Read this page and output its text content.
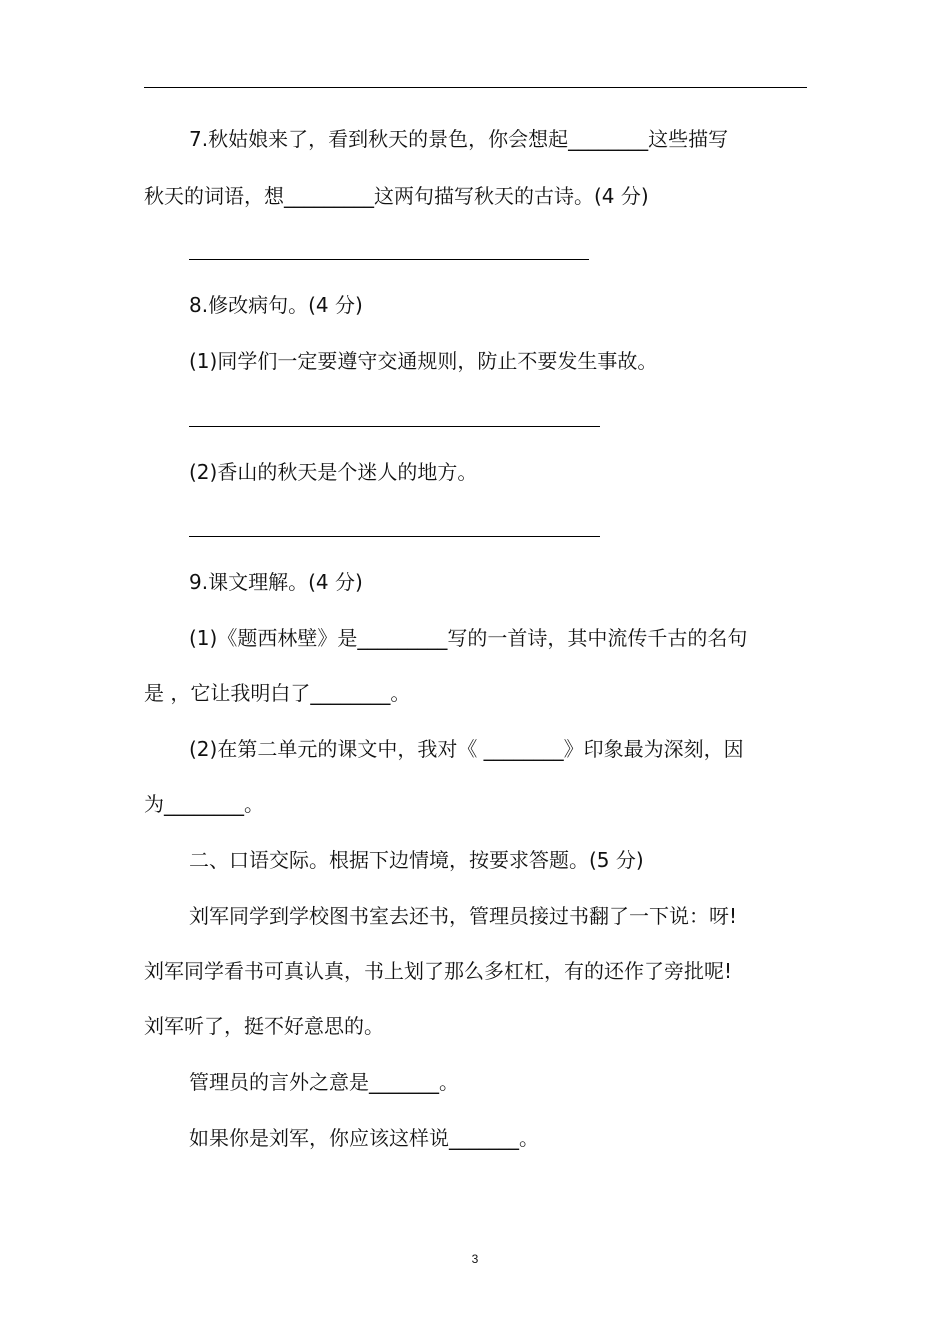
7.秋姑娘来了，看到秋天的景色，你会想起________这些描写
秋天的词语，想_________这两句描写秋天的古诗。(4 分)
8.修改病句。(4 分)
(1)同学们一定要遵守交通规则，防止不要发生事故。
(2)香山的秋天是个迷人的地方。
9.课文理解。(4 分)
(1)《题西林壁》是_________写的一首诗，其中流传千古的名句
是 ，它让我明白了________。
(2)在第二单元的课文中，我对《 ________》印象最为深刻，因
为________。
二、口语交际。根据下边情境，按要求答题。(5 分)
刘军同学到学校图书室去还书，管理员接过书翻了一下说：呀!
刘军同学看书可真认真，书上划了那么多杠杠，有的还作了旁批呢!
刘军听了，挺不好意思的。
管理员的言外之意是_______。
如果你是刘军，你应该这样说_______。
3
